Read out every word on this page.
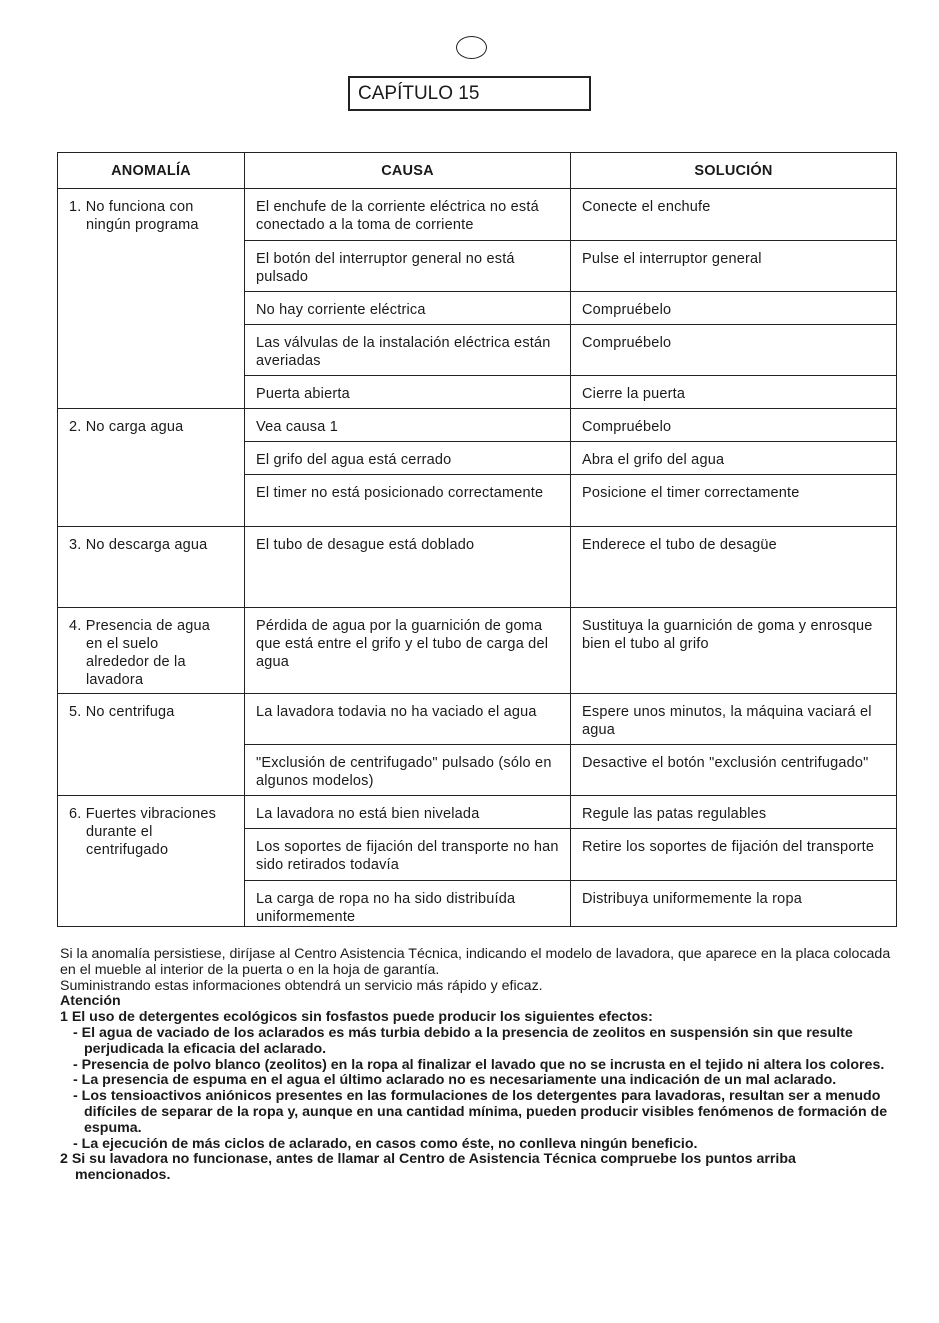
CAPÍTULO 15
ANOMALÍA	CAUSA	SOLUCIÓN

1. No funciona con
ningún programa	El enchufe de la corriente eléctrica no está conectado a la toma de corriente	Conecte el enchufe
	El botón del interruptor general no está pulsado	Pulse el interruptor general
	No hay corriente eléctrica	Compruébelo
	Las válvulas de la instalación eléctrica están averiadas	Compruébelo
	Puerta abierta	Cierre la puerta

2. No carga agua	Vea causa 1	Compruébelo
	El grifo del agua está cerrado	Abra el grifo del agua
	El timer no está posicionado correctamente	Posicione el timer correctamente

3. No descarga agua	El tubo de desague está doblado	Enderece el tubo de desagüe

4. Presencia de agua
en el suelo
alrededor de la
lavadora	Pérdida de agua por la guarnición de goma que está entre el grifo y el tubo de carga del agua	Sustituya la guarnición de goma y enrosque bien el tubo al grifo

5. No centrifuga	La lavadora todavia no ha vaciado el agua	Espere unos minutos, la máquina vaciará el agua
	"Exclusión de centrifugado" pulsado (sólo en algunos modelos)	Desactive el botón "exclusión centrifugado"

6. Fuertes vibraciones
durante el
centrifugado	La lavadora no está bien nivelada	Regule las patas regulables
	Los soportes de fijación del transporte no han sido retirados todavía	Retire los soportes de fijación del transporte
	La carga de ropa no ha sido distribuída uniformemente	Distribuya uniformemente la ropa

Si la anomalía persistiese, diríjase al Centro Asistencia Técnica, indicando el modelo de lavadora, que aparece en la placa colocada en el mueble al interior de la puerta o en la hoja de garantía.

Suministrando estas informaciones obtendrá un servicio más rápido y eficaz.

Atención

1 El uso de detergentes ecológicos sin fosfastos puede producir los siguientes efectos:

- El agua de vaciado de los aclarados es más turbia debido a la presencia de zeolitos en suspensión sin que resulte perjudicada la eficacia del aclarado.

- Presencia de polvo blanco (zeolitos) en la ropa al finalizar el lavado que no se incrusta en el tejido ni altera los colores.

- La presencia de espuma en el agua el último aclarado no es necesariamente una indicación de un mal aclarado.

- Los tensioactivos aniónicos presentes en las formulaciones de los detergentes para lavadoras, resultan ser a menudo difíciles de separar de la ropa y, aunque en una cantidad mínima, pueden producir visibles fenómenos de formación de espuma.

- La ejecución de más ciclos de aclarado, en casos como éste, no conlleva ningún beneficio.

2 Si su lavadora no funcionase, antes de llamar al Centro de Asistencia Técnica compruebe los puntos arriba mencionados.
